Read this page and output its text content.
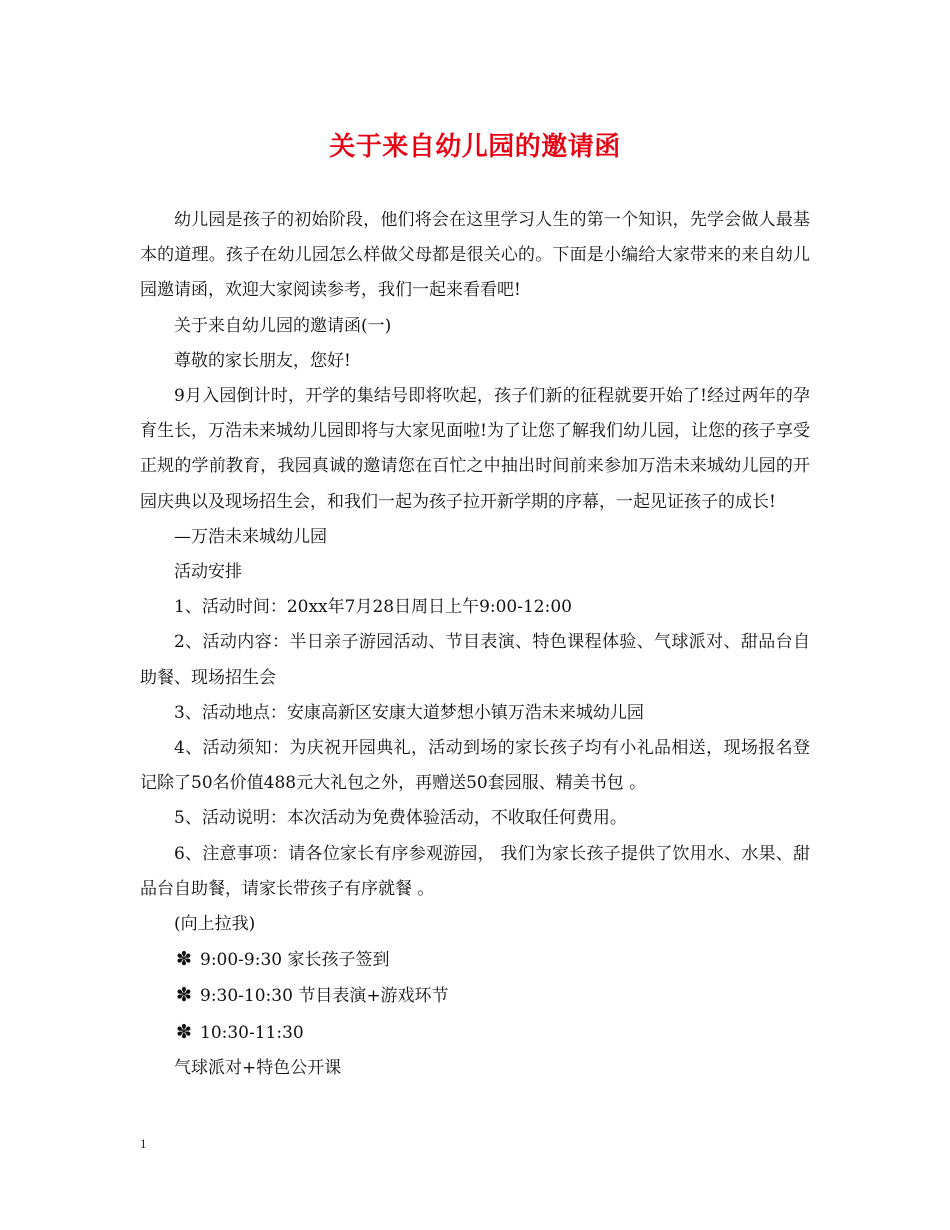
关于来自幼儿园的邀请函

幼儿园是孩子的初始阶段，他们将会在这里学习人生的第一个知识，先学会做人最基本的道理。孩子在幼儿园怎么样做父母都是很关心的。下面是小编给大家带来的来自幼儿园邀请函，欢迎大家阅读参考，我们一起来看看吧!

关于来自幼儿园的邀请函(一)

尊敬的家长朋友，您好!

9月入园倒计时，开学的集结号即将吹起，孩子们新的征程就要开始了!经过两年的孕育生长，万浩未来城幼儿园即将与大家见面啦!为了让您了解我们幼儿园，让您的孩子享受正规的学前教育，我园真诚的邀请您在百忙之中抽出时间前来参加万浩未来城幼儿园的开园庆典以及现场招生会，和我们一起为孩子拉开新学期的序幕，一起见证孩子的成长!

—万浩未来城幼儿园

活动安排

1、活动时间：20xx年7月28日周日上午9:00-12:00

2、活动内容：半日亲子游园活动、节目表演、特色课程体验、气球派对、甜品台自助餐、现场招生会

3、活动地点：安康高新区安康大道梦想小镇万浩未来城幼儿园

4、活动须知：为庆祝开园典礼，活动到场的家长孩子均有小礼品相送，现场报名登记除了50名价值488元大礼包之外，再赠送50套园服、精美书包 。

5、活动说明：本次活动为免费体验活动，不收取任何费用。

6、注意事项：请各位家长有序参观游园， 我们为家长孩子提供了饮用水、水果、甜品台自助餐，请家长带孩子有序就餐 。

(向上拉我)

✽ 9:00-9:30 家长孩子签到
✽ 9:30-10:30 节目表演+游戏环节
✽ 10:30-11:30

气球派对+特色公开课

1
